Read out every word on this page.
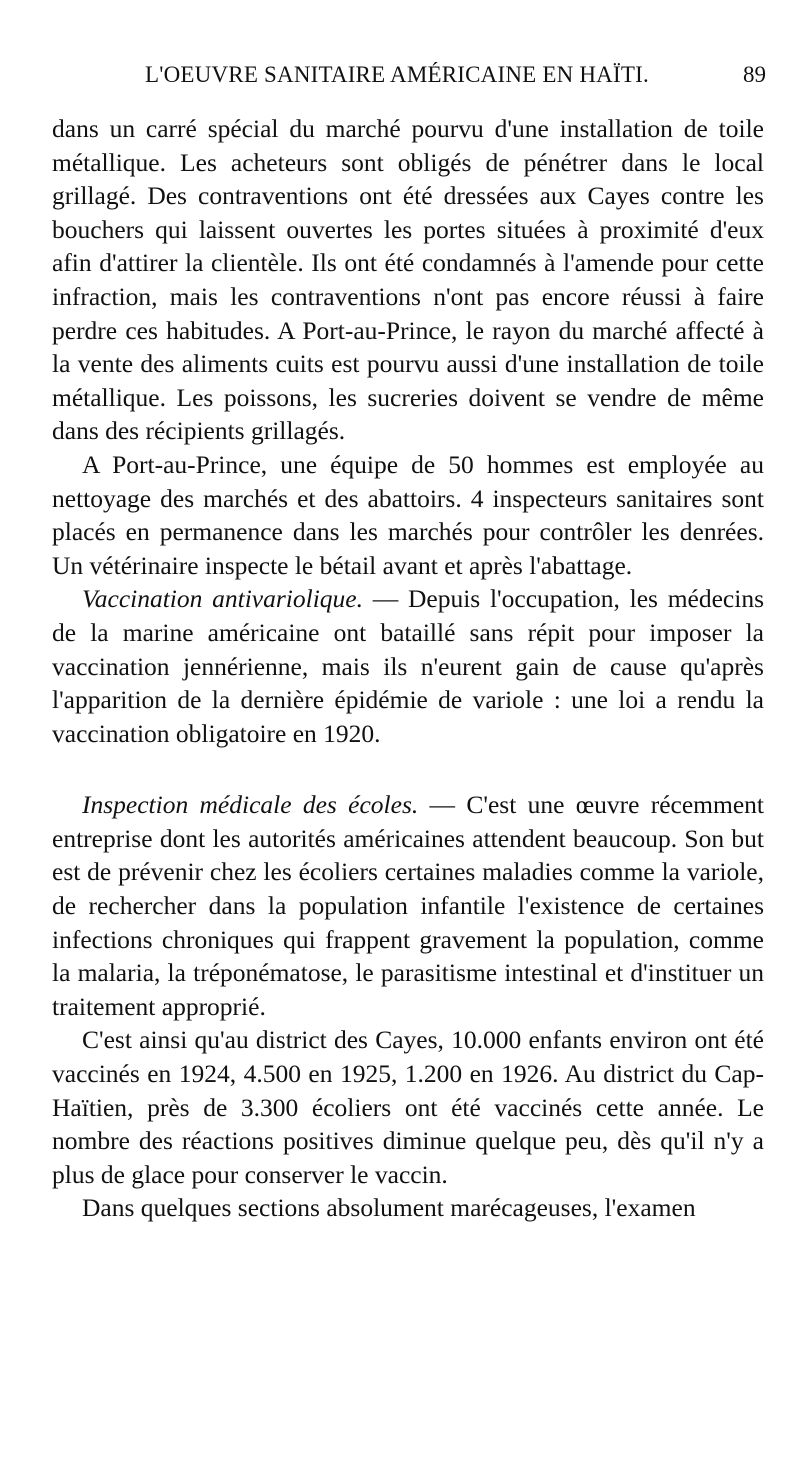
L'OEUVRE SANITAIRE AMÉRICAINE EN HAÏTI.	89

dans un carré spécial du marché pourvu d'une installation de toile métallique. Les acheteurs sont obligés de pénétrer dans le local grillagé. Des contraventions ont été dressées aux Cayes contre les bouchers qui laissent ouvertes les portes situées à proximité d'eux afin d'attirer la clientèle. Ils ont été condamnés à l'amende pour cette infraction, mais les contraventions n'ont pas encore réussi à faire perdre ces habitudes. A Port-au-Prince, le rayon du marché affecté à la vente des aliments cuits est pourvu aussi d'une installation de toile métallique. Les poissons, les sucreries doivent se vendre de même dans des récipients grillagés.

A Port-au-Prince, une équipe de 50 hommes est employée au nettoyage des marchés et des abattoirs. 4 inspecteurs sanitaires sont placés en permanence dans les marchés pour contrôler les denrées. Un vétérinaire inspecte le bétail avant et après l'abattage.

Vaccination antivariolique. — Depuis l'occupation, les médecins de la marine américaine ont bataillé sans répit pour imposer la vaccination jennérienne, mais ils n'eurent gain de cause qu'après l'apparition de la dernière épidémie de variole : une loi a rendu la vaccination obligatoire en 1920.

Inspection médicale des écoles. — C'est une œuvre récemment entreprise dont les autorités américaines attendent beaucoup. Son but est de prévenir chez les écoliers certaines maladies comme la variole, de rechercher dans la population infantile l'existence de certaines infections chroniques qui frappent gravement la population, comme la malaria, la tréponématose, le parasitisme intestinal et d'instituer un traitement approprié.

C'est ainsi qu'au district des Cayes, 10.000 enfants environ ont été vaccinés en 1924, 4.500 en 1925, 1.200 en 1926. Au district du Cap-Haïtien, près de 3.300 écoliers ont été vaccinés cette année. Le nombre des réactions positives diminue quelque peu, dès qu'il n'y a plus de glace pour conserver le vaccin.

Dans quelques sections absolument marécageuses, l'examen
